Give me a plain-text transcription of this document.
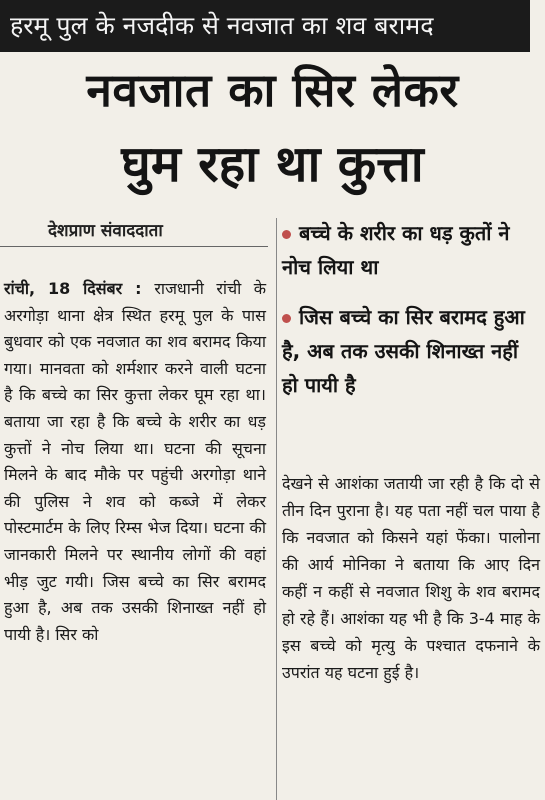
हरमू पुल के नजदीक से नवजात का शव बरामद
नवजात का सिर लेकर
घुम रहा था कुत्ता
देशप्राण संवाददाता
रांची, 18 दिसंबर : राजधानी रांची के अरगोड़ा थाना क्षेत्र स्थित हरमू पुल के पास बुधवार को एक नवजात का शव बरामद किया गया। मानवता को शर्मशार करने वाली घटना है कि बच्चे का सिर कुत्ता लेकर घूम रहा था। बताया जा रहा है कि बच्चे के शरीर का धड़ कुत्तों ने नोच लिया था। घटना की सूचना मिलने के बाद मौके पर पहुंची अरगोड़ा थाने की पुलिस ने शव को कब्जे में लेकर पोस्टमार्टम के लिए रिम्स भेज दिया। घटना की जानकारी मिलने पर स्थानीय लोगों की वहां भीड़ जुट गयी। जिस बच्चे का सिर बरामद हुआ है, अब तक उसकी शिनाख्त नहीं हो पायी है। सिर को
बच्चे के शरीर का धड़ कुतों ने नोच लिया था
जिस बच्चे का सिर बरामद हुआ है, अब तक उसकी शिनाख्त नहीं हो पायी है
देखने से आशंका जतायी जा रही है कि दो से तीन दिन पुराना है। यह पता नहीं चल पाया है कि नवजात को किसने यहां फेंका। पालोना की आर्य मोनिका ने बताया कि आए दिन कहीं न कहीं से नवजात शिशु के शव बरामद हो रहे हैं। आशंका यह भी है कि 3-4 माह के इस बच्चे को मृत्यु के पश्चात दफनाने के उपरांत यह घटना हुई है।
